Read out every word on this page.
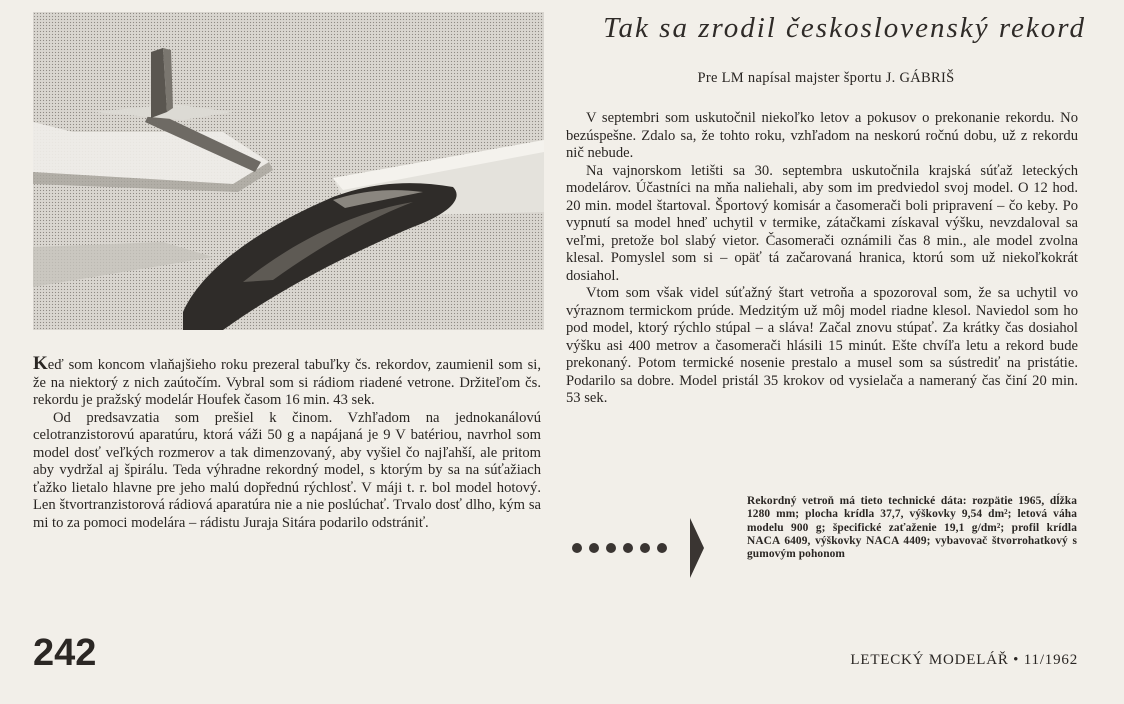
Tak sa zrodil československý rekord
Pre LM napísal majster športu J. GÁBRIŠ

Keď som koncom vlaňajšieho roku prezeral tabuľky čs. rekordov, zaumienil som si, že na niektorý z nich zaútočím. Vybral som si rádiom riadené vetrone. Držiteľom čs. rekordu je pražský modelár Houfek časom 16 min. 43 sek.

Od predsavzatia som prešiel k činom. Vzhľadom na jednokanálovú celotranzistorovú aparatúru, ktorá váži 50 g a napájaná je 9 V batériou, navrhol som model dosť veľkých rozmerov a tak dimenzovaný, aby vyšiel čo najľahší, ale pritom aby vydržal aj špirálu. Teda výhradne rekordný model, s ktorým by sa na súťažiach ťažko lietalo hlavne pre jeho malú dopřednú rýchlosť. V máji t. r. bol model hotový. Len štvortranzistorová rádiová aparatúra nie a nie poslúchať. Trvalo dosť dlho, kým sa mi to za pomoci modelára – rádistu Juraja Sitára podarilo odstrániť.

V septembri som uskutočnil niekoľko letov a pokusov o prekonanie rekordu. No bezúspešne. Zdalo sa, že tohto roku, vzhľadom na neskorú ročnú dobu, už z rekordu nič nebude.

Na vajnorskom letišti sa 30. septembra uskutočnila krajská súťaž leteckých modelárov. Účastníci na mňa naliehali, aby som im predviedol svoj model. O 12 hod. 20 min. model štartoval. Športový komisár a časomerači boli pripravení – čo keby. Po vypnutí sa model hneď uchytil v termike, zátačkami získaval výšku, nevzdaloval sa veľmi, pretože bol slabý vietor. Časomerači oznámili čas 8 min., ale model zvolna klesal. Pomyslel som si – opäť tá začarovaná hranica, ktorú som už niekoľkokrát dosiahol.

Vtom som však videl súťažný štart vetroňa a spozoroval som, že sa uchytil vo výraznom termickom prúde. Medzitým už môj model riadne klesol. Naviedol som ho pod model, ktorý rýchlo stúpal – a sláva! Začal znovu stúpať. Za krátky čas dosiahol výšku asi 400 metrov a časomerači hlásili 15 minút. Ešte chvíľa letu a rekord bude prekonaný. Potom termické nosenie prestalo a musel som sa sústrediť na pristátie. Podarilo sa dobre. Model pristál 35 krokov od vysielača a nameraný čas činí 20 min. 53 sek.

Rekordný vetroň má tieto technické dáta: rozpätie 1965, dĺžka 1280 mm; plocha krídla 37,7, výškovky 9,54 dm²; letová váha modelu 900 g; špecifické zaťaženie 19,1 g/dm²; profil krídla NACA 6409, výškovky NACA 4409; vybavovač štvorrohatkový s gumovým pohonom
242	LETECKÝ MODELÁŘ • 11/1962
